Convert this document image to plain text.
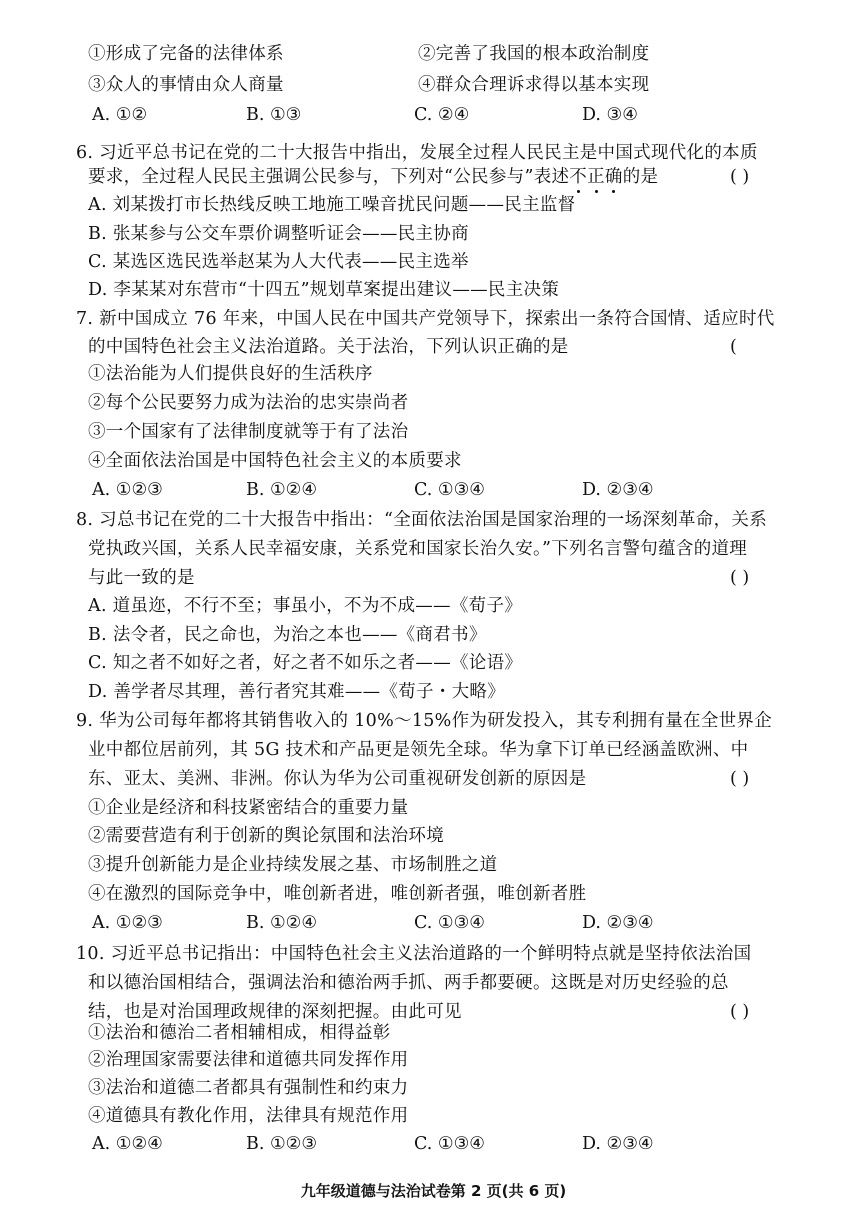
①形成了完备的法律体系	②完善了我国的根本政治制度
③众人的事情由众人商量	④群众合理诉求得以基本实现
A. ①②	B. ①③	C. ②④	D. ③④
6. 习近平总书记在党的二十大报告中指出，发展全过程人民民主是中国式现代化的本质
要求，全过程人民民主强调公民参与，下列对“公民参与”表述不正确的是	( )
A. 刘某拨打市长热线反映工地施工噪音扰民问题——民主监督
B. 张某参与公交车票价调整听证会——民主协商
C. 某选区选民选举赵某为人大代表——民主选举
D. 李某某对东营市“十四五”规划草案提出建议——民主决策
7. 新中国成立 76 年来，中国人民在中国共产党领导下，探索出一条符合国情、适应时代
的中国特色社会主义法治道路。关于法治，下列认识正确的是	(
①法治能为人们提供良好的生活秩序
②每个公民要努力成为法治的忠实崇尚者
③一个国家有了法律制度就等于有了法治
④全面依法治国是中国特色社会主义的本质要求
A. ①②③	B. ①②④	C. ①③④	D. ②③④
8. 习总书记在党的二十大报告中指出：“全面依法治国是国家治理的一场深刻革命，关系
党执政兴国，关系人民幸福安康，关系党和国家长治久安。”下列名言警句蕴含的道理
与此一致的是	( )
A. 道虽迩，不行不至；事虽小，不为不成——《荀子》
B. 法令者，民之命也，为治之本也——《商君书》
C. 知之者不如好之者，好之者不如乐之者——《论语》
D. 善学者尽其理，善行者究其难——《荀子・大略》
9. 华为公司每年都将其销售收入的 10%～15%作为研发投入，其专利拥有量在全世界企
业中都位居前列，其 5G 技术和产品更是领先全球。华为拿下订单已经涵盖欧洲、中
东、亚太、美洲、非洲。你认为华为公司重视研发创新的原因是	( )
①企业是经济和科技紧密结合的重要力量
②需要营造有利于创新的舆论氛围和法治环境
③提升创新能力是企业持续发展之基、市场制胜之道
④在激烈的国际竞争中，唯创新者进，唯创新者强，唯创新者胜
A. ①②③	B. ①②④	C. ①③④	D. ②③④
10. 习近平总书记指出：中国特色社会主义法治道路的一个鲜明特点就是坚持依法治国
和以德治国相结合，强调法治和德治两手抓、两手都要硬。这既是对历史经验的总
结，也是对治国理政规律的深刻把握。由此可见	( )
①法治和德治二者相辅相成，相得益彰
②治理国家需要法律和道德共同发挥作用
③法治和道德二者都具有强制性和约束力
④道德具有教化作用，法律具有规范作用
A. ①②④	B. ①②③	C. ①③④	D. ②③④
九年级道德与法治试卷第 2 页(共 6 页)
